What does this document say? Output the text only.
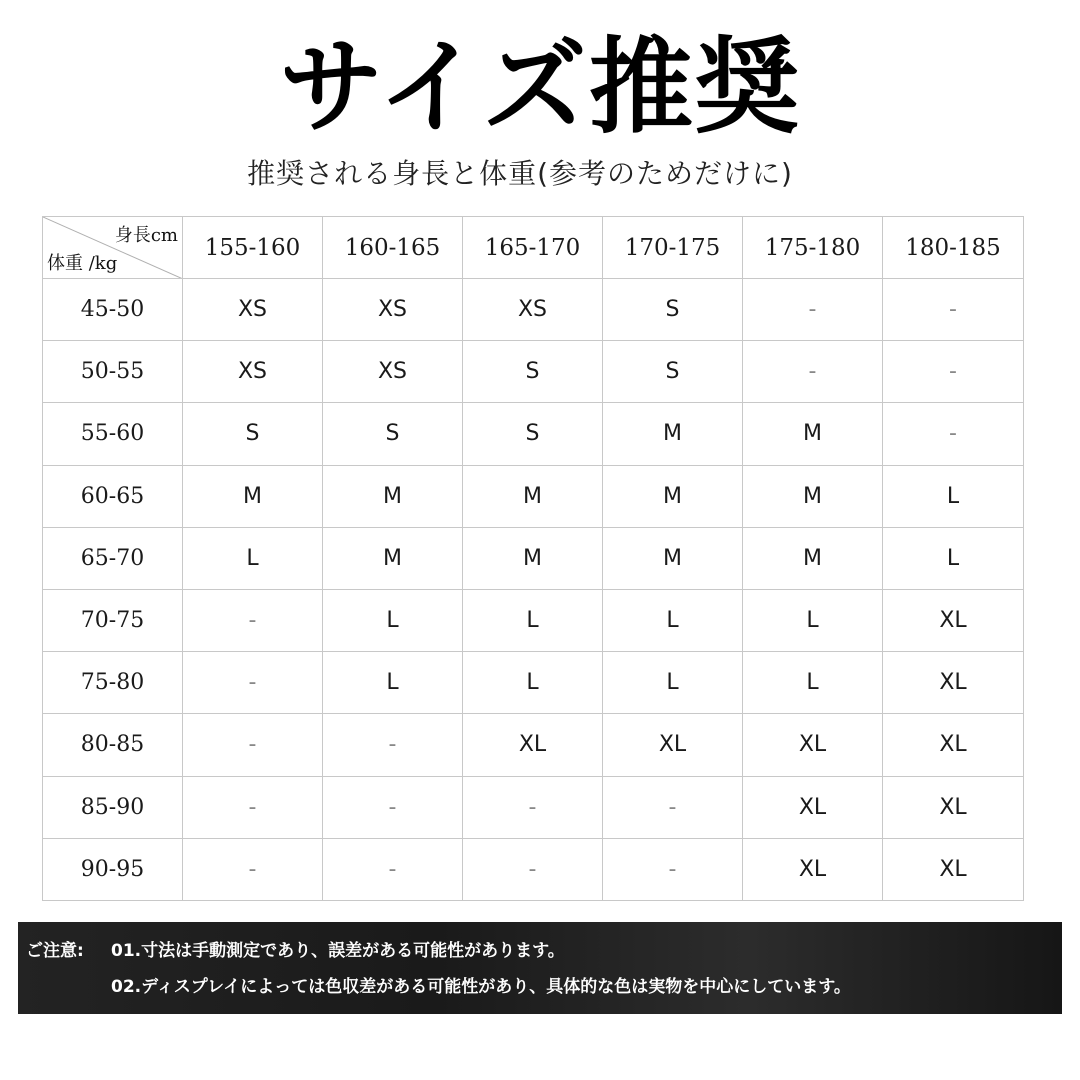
サイズ推奨
推奨される身長と体重(参考のためだけに)
身長cm
体重 /kg	155-160	160-165	165-170	170-175	175-180	180-185
45-50	XS	XS	XS	S	-	-
50-55	XS	XS	S	S	-	-
55-60	S	S	S	M	M	-
60-65	M	M	M	M	M	L
65-70	L	M	M	M	M	L
70-75	-	L	L	L	L	XL
75-80	-	L	L	L	L	XL
80-85	-	-	XL	XL	XL	XL
85-90	-	-	-	-	XL	XL
90-95	-	-	-	-	XL	XL
ご注意: 01.寸法は手動測定であり、誤差がある可能性があります。
02.ディスプレイによっては色収差がある可能性があり、具体的な色は実物を中心にしています。
